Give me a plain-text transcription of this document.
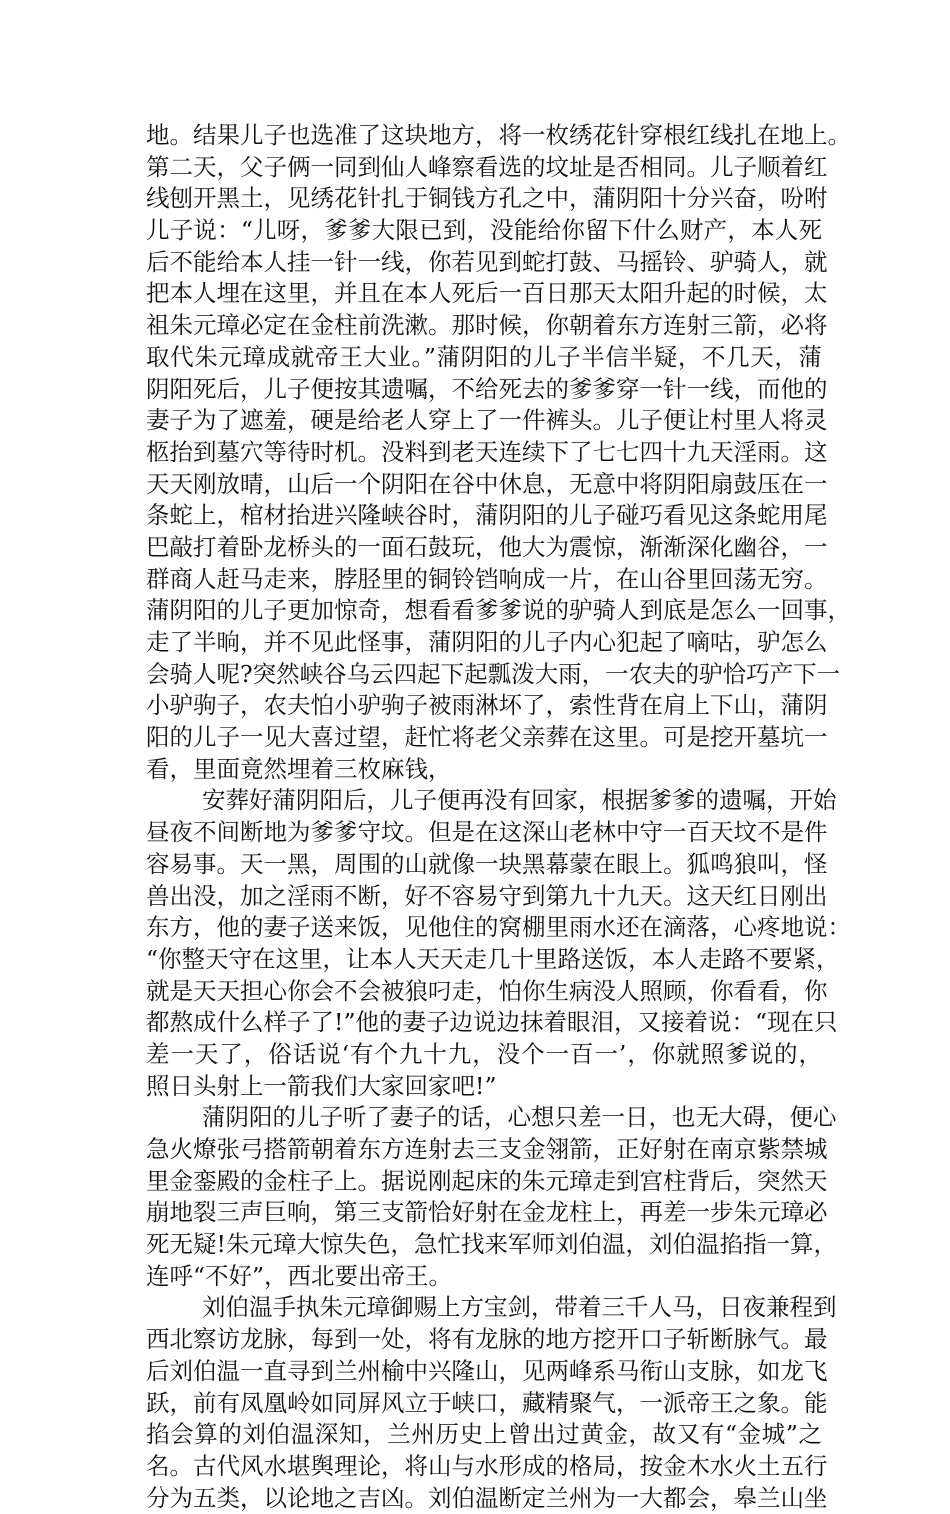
地。结果儿子也选准了这块地方，将一枚绣花针穿根红线扎在地上。
第二天，父子俩一同到仙人峰察看选的坟址是否相同。儿子顺着红
线刨开黑土，见绣花针扎于铜钱方孔之中，蒲阴阳十分兴奋，吩咐
儿子说：“儿呀，爹爹大限已到，没能给你留下什么财产，本人死
后不能给本人挂一针一线，你若见到蛇打鼓、马摇铃、驴骑人，就
把本人埋在这里，并且在本人死后一百日那天太阳升起的时候，太
祖朱元璋必定在金柱前洗漱。那时候，你朝着东方连射三箭，必将
取代朱元璋成就帝王大业。”蒲阴阳的儿子半信半疑，不几天，蒲
阴阳死后，儿子便按其遗嘱，不给死去的爹爹穿一针一线，而他的
妻子为了遮羞，硬是给老人穿上了一件裤头。儿子便让村里人将灵
柩抬到墓穴等待时机。没料到老天连续下了七七四十九天淫雨。这
天天刚放晴，山后一个阴阳在谷中休息，无意中将阴阳扇鼓压在一
条蛇上，棺材抬进兴隆峡谷时，蒲阴阳的儿子碰巧看见这条蛇用尾
巴敲打着卧龙桥头的一面石鼓玩，他大为震惊，渐渐深化幽谷，一
群商人赶马走来，脖胫里的铜铃铛响成一片，在山谷里回荡无穷。
蒲阴阳的儿子更加惊奇，想看看爹爹说的驴骑人到底是怎么一回事，
走了半晌，并不见此怪事，蒲阴阳的儿子内心犯起了嘀咕，驴怎么
会骑人呢?突然峡谷乌云四起下起瓢泼大雨，一农夫的驴恰巧产下一
小驴驹子，农夫怕小驴驹子被雨淋坏了，索性背在肩上下山，蒲阴
阳的儿子一见大喜过望，赶忙将老父亲葬在这里。可是挖开墓坑一
看，里面竟然埋着三枚麻钱，
安葬好蒲阴阳后，儿子便再没有回家，根据爹爹的遗嘱，开始
昼夜不间断地为爹爹守坟。但是在这深山老林中守一百天坟不是件
容易事。天一黑，周围的山就像一块黑幕蒙在眼上。狐鸣狼叫，怪
兽出没，加之淫雨不断，好不容易守到第九十九天。这天红日刚出
东方，他的妻子送来饭，见他住的窝棚里雨水还在滴落，心疼地说：
“你整天守在这里，让本人天天走几十里路送饭，本人走路不要紧，
就是天天担心你会不会被狼叼走，怕你生病没人照顾，你看看，你
都熬成什么样子了!”他的妻子边说边抹着眼泪，又接着说：“现在只
差一天了，俗话说‘有个九十九，没个一百一’，你就照爹说的，
照日头射上一箭我们大家回家吧!”
蒲阴阳的儿子听了妻子的话，心想只差一日，也无大碍，便心
急火燎张弓搭箭朝着东方连射去三支金翎箭，正好射在南京紫禁城
里金銮殿的金柱子上。据说刚起床的朱元璋走到宫柱背后，突然天
崩地裂三声巨响，第三支箭恰好射在金龙柱上，再差一步朱元璋必
死无疑!朱元璋大惊失色，急忙找来军师刘伯温，刘伯温掐指一算，
连呼“不好”，西北要出帝王。
刘伯温手执朱元璋御赐上方宝剑，带着三千人马，日夜兼程到
西北察访龙脉，每到一处，将有龙脉的地方挖开口子斩断脉气。最
后刘伯温一直寻到兰州榆中兴隆山，见两峰系马衔山支脉，如龙飞
跃，前有凤凰岭如同屏风立于峡口，藏精聚气，一派帝王之象。能
掐会算的刘伯温深知，兰州历史上曾出过黄金，故又有“金城”之
名。古代风水堪舆理论，将山与水形成的格局，按金木水火土五行
分为五类，以论地之吉凶。刘伯温断定兰州为一大都会，皋兰山坐
